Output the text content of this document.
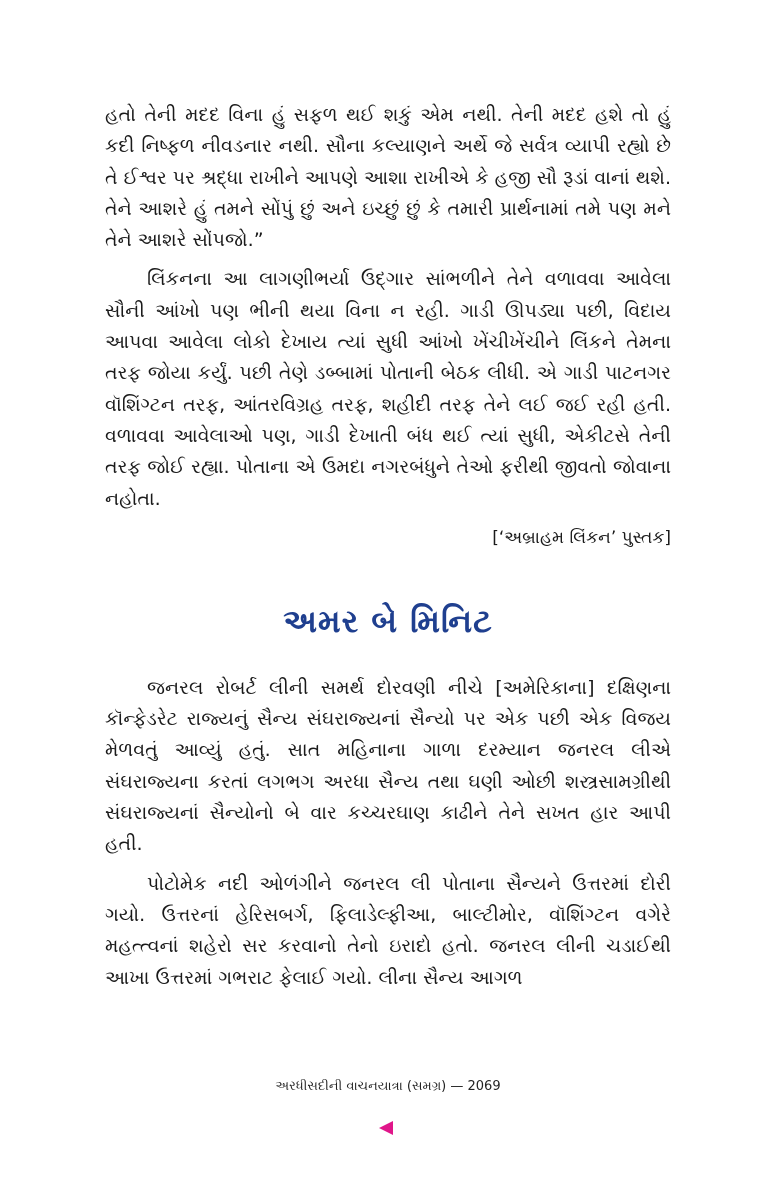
હતો તેની મદદ વિના હું સફળ થઈ શકું એમ નથી. તેની મદદ હશે તો હું કદી નિષ્ફળ નીવડનાર નથી. સૌના કલ્યાણને અર્થે જે સર્વત્ર વ્યાપી રહ્યો છે તે ઈશ્વર પર શ્રદ્ધા રાખીને આપણે આશા રાખીએ કે હજી સૌ રૂડાં વાનાં થશે. તેને આશરે હું તમને સોંપું છું અને ઇચ્છું છું કે તમારી પ્રાર્થનામાં તમે પણ મને તેને આશરે સોંપજો.”

લિંકનના આ લાગણીભર્યા ઉદ્ગાર સાંભળીને તેને વળાવવા આવેલા સૌની આંખો પણ ભીની થયા વિના ન રહી. ગાડી ઊપડ્યા પછી, વિદાય આપવા આવેલા લોકો દેખાય ત્યાં સુધી આંખો ખેંચીખેંચીને લિંકને તેમના તરફ જોયા કર્યું. પછી તેણે ડબ્બામાં પોતાની બેઠક લીધી. એ ગાડી પાટનગર વૉશિંગ્ટન તરફ, આંતરવિગ્રહ તરફ, શહીદી તરફ તેને લઈ જઈ રહી હતી. વળાવવા આવેલાઓ પણ, ગાડી દેખાતી બંધ થઈ ત્યાં સુધી, એકીટસે તેની તરફ જોઈ રહ્યા. પોતાના એ ઉમદા નગરબંધુને તેઓ ફરીથી જીવતો જોવાના નહોતા.

[‘અબ્રાહમ લિંકન’ પુસ્તક]

અમર બે મિનિટ

જનરલ રોબર્ટ લીની સમર્થ દોરવણી નીચે [અમેરિકાના] દક્ષિણના કૉન્ફેડરેટ રાજ્યનું સૈન્ય સંઘરાજ્યનાં સૈન્યો પર એક પછી એક વિજય મેળવતું આવ્યું હતું. સાત મહિનાના ગાળા દરમ્યાન જનરલ લીએ સંઘરાજ્યના કરતાં લગભગ અરધા સૈન્ય તથા ઘણી ઓછી શસ્ત્રસામગ્રીથી સંઘરાજ્યનાં સૈન્યોનો બે વાર કચ્ચરઘાણ કાઢીને તેને સખત હાર આપી હતી.

પોટોમેક નદી ઓળંગીને જનરલ લી પોતાના સૈન્યને ઉત્તરમાં દોરી ગયો. ઉત્તરનાં હેરિસબર્ગ, ફિલાડેલ્ફીઆ, બાલ્ટીમોર, વૉશિંગ્ટન વગેરે મહત્ત્વનાં શહેરો સર કરવાનો તેનો ઇરાદો હતો. જનરલ લીની ચડાઈથી આખા ઉત્તરમાં ગભરાટ ફેલાઈ ગયો. લીના સૈન્ય આગળ

અરધીસદીની વાચનયાત્રા (સમગ્ર) — 2069
